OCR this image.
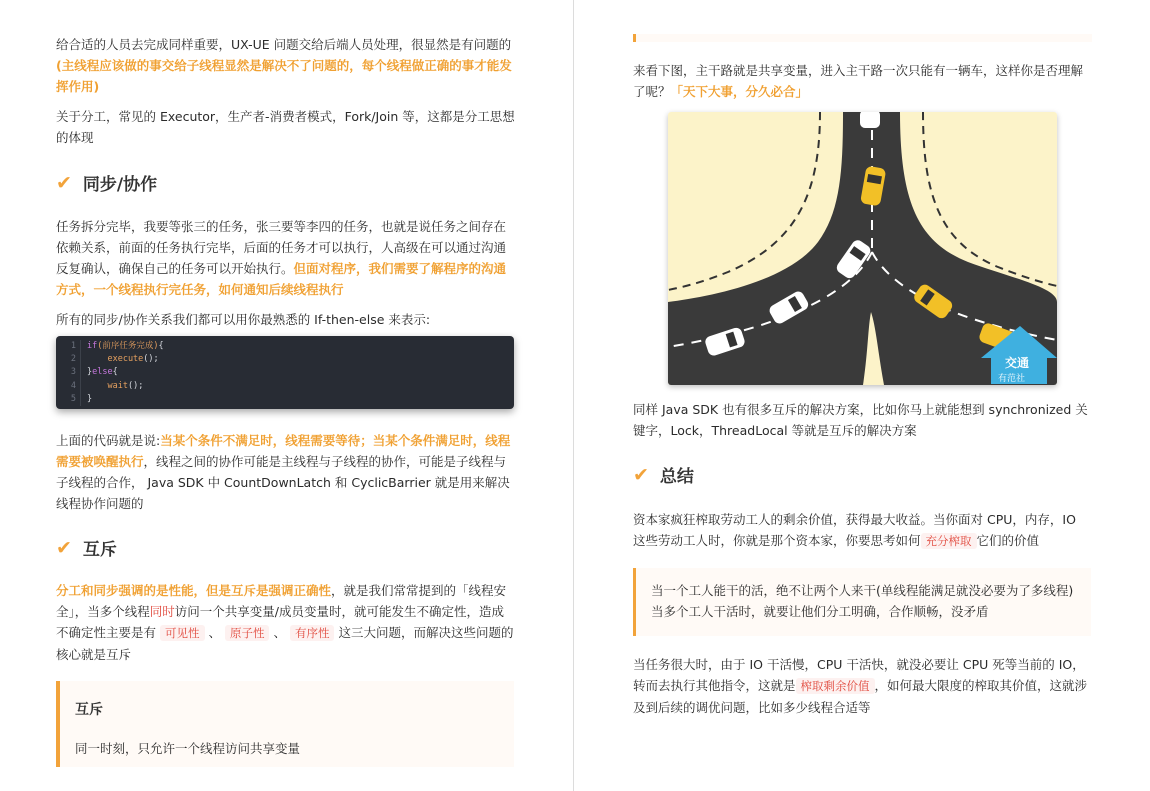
给合适的人员去完成同样重要，UX-UE 问题交给后端人员处理，很显然是有问题的(主线程应该做的事交给子线程显然是解决不了问题的，每个线程做正确的事才能发挥作用)

关于分工，常见的 Executor，生产者-消费者模式，Fork/Join 等，这都是分工思想的体现

✔ 同步/协作

任务拆分完毕，我要等张三的任务，张三要等李四的任务，也就是说任务之间存在依赖关系，前面的任务执行完毕，后面的任务才可以执行，人高级在可以通过沟通反复确认，确保自己的任务可以开始执行。但面对程序，我们需要了解程序的沟通方式，一个线程执行完任务，如何通知后续线程执行

所有的同步/协作关系我们都可以用你最熟悉的 If-then-else 来表示:

1	if (前序任务完成) {
2	execute ();
3	} else {
4	wait ();
5	}

上面的代码就是说:当某个条件不满足时，线程需要等待；当某个条件满足时，线程需要被唤醒执行，线程之间的协作可能是主线程与子线程的协作，可能是子线程与子线程的合作， Java SDK 中 CountDownLatch 和 CyclicBarrier 就是用来解决线程协作问题的

✔ 互斥

分工和同步强调的是性能，但是互斥是强调正确性，就是我们常常提到的「线程安全」，当多个线程同时访问一个共享变量/成员变量时，就可能发生不确定性，造成不确定性主要是有 可见性 、 原子性 、 有序性 这三大问题，而解决这些问题的核心就是互斥

互斥
同一时刻，只允许一个线程访问共享变量

来看下图，主干路就是共享变量，进入主干路一次只能有一辆车，这样你是否理解了呢？「天下大事，分久必合」

交通
有范社

同样 Java SDK 也有很多互斥的解决方案，比如你马上就能想到 synchronized 关键字，Lock，ThreadLocal 等就是互斥的解决方案

✔ 总结

资本家疯狂榨取劳动工人的剩余价值，获得最大收益。当你面对 CPU，内存，IO 这些劳动工人时，你就是那个资本家，你要思考如何 充分榨取 它们的价值

当一个工人能干的活，绝不让两个人来干(单线程能满足就没必要为了多线程)

当多个工人干活时，就要让他们分工明确，合作顺畅，没矛盾

当任务很大时，由于 IO 干活慢，CPU 干活快，就没必要让 CPU 死等当前的 IO，转而去执行其他指令，这就是 榨取剩余价值 ，如何最大限度的榨取其价值，这就涉及到后续的调优问题，比如多少线程合适等
